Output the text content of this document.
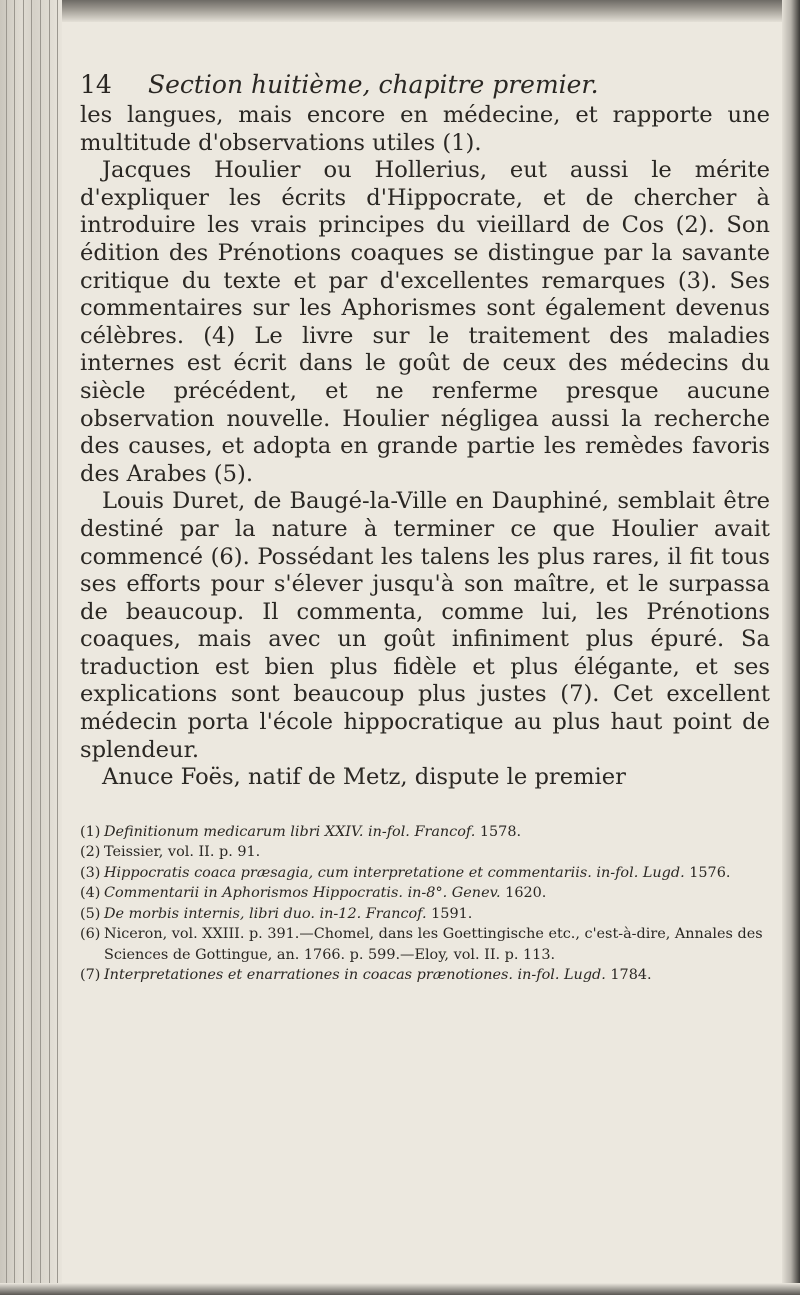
14 Section huitième, chapitre premier.

les langues, mais encore en médecine, et rapporte une multitude d'observations utiles (1).

Jacques Houlier ou Hollerius, eut aussi le mérite d'expliquer les écrits d'Hippocrate, et de chercher à introduire les vrais principes du vieillard de Cos (2). Son édition des Prénotions coaques se distingue par la savante critique du texte et par d'excellentes remarques (3). Ses commentaires sur les Aphorismes sont également devenus célèbres. (4) Le livre sur le traitement des maladies internes est écrit dans le goût de ceux des médecins du siècle précédent, et ne renferme presque aucune observation nouvelle. Houlier négligea aussi la recherche des causes, et adopta en grande partie les remèdes favoris des Arabes (5).

Louis Duret, de Baugé-la-Ville en Dauphiné, semblait être destiné par la nature à terminer ce que Houlier avait commencé (6). Possédant les talens les plus rares, il fit tous ses efforts pour s'élever jusqu'à son maître, et le surpassa de beaucoup. Il commenta, comme lui, les Prénotions coaques, mais avec un goût infiniment plus épuré. Sa traduction est bien plus fidèle et plus élégante, et ses explications sont beaucoup plus justes (7). Cet excellent médecin porta l'école hippocratique au plus haut point de splendeur.

Anuce Foës, natif de Metz, dispute le premier

(1) Definitionum medicarum libri XXIV. in-fol. Francof. 1578.

(2) Teissier, vol. II. p. 91.

(3) Hippocratis coaca præsagia, cum interpretatione et commentariis. in-fol. Lugd. 1576.

(4) Commentarii in Aphorismos Hippocratis. in-8°. Genev. 1620.

(5) De morbis internis, libri duo. in-12. Francof. 1591.

(6) Niceron, vol. XXIII. p. 391.—Chomel, dans les Goettingische etc., c'est-à-dire, Annales des Sciences de Gottingue, an. 1766. p. 599.—Eloy, vol. II. p. 113.

(7) Interpretationes et enarrationes in coacas prænotiones. in-fol. Lugd. 1784.
